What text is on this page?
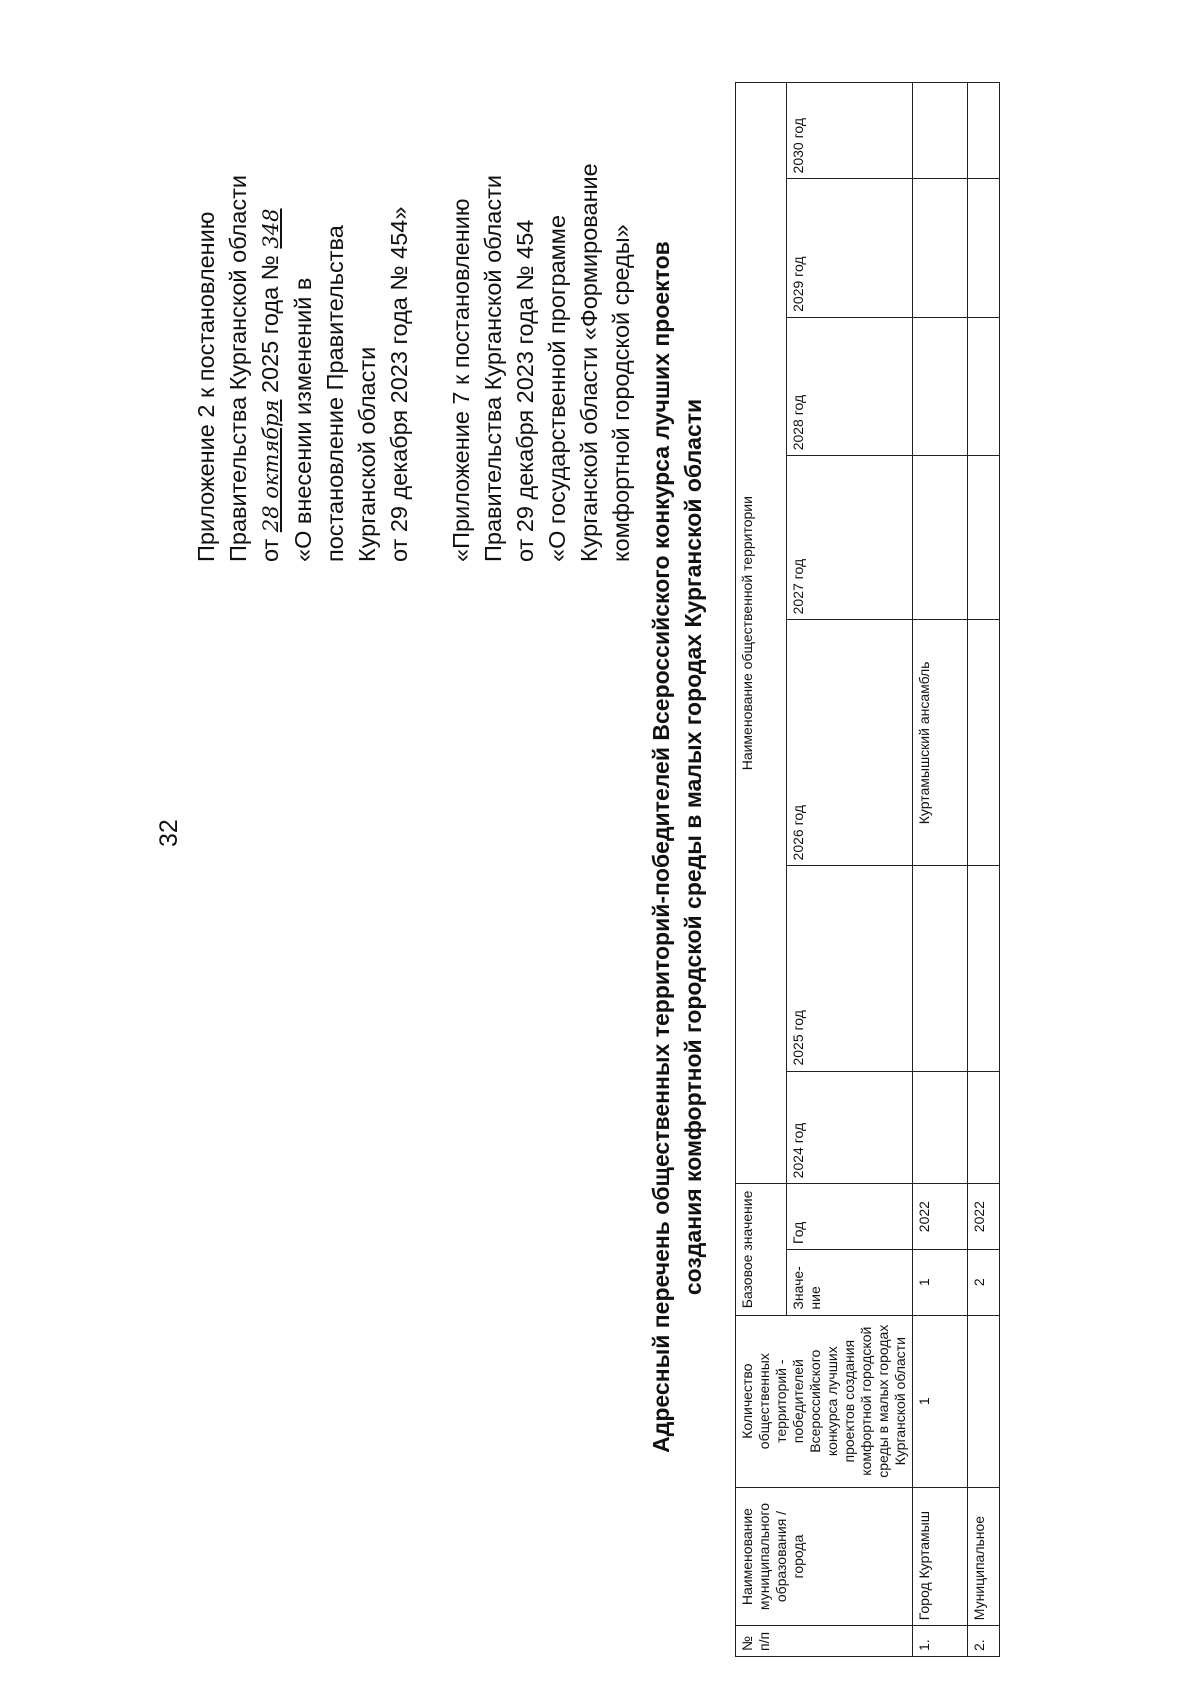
32
Приложение 2 к постановлению Правительства Курганской области от 28 октября 2025 года № 348
«О внесении изменений в постановление Правительства Курганской области от 29 декабря 2023 года № 454» «Приложение 7 к постановлению Правительства Курганской области от 29 декабря 2023 года № 454 «О государственной программе Курганской области «Формирование комфортной городской среды» Адресный перечень общественных территорий-победителей Всероссийского конкурса лучших проектов создания комфортной городской среды в малых городах Курганской области
№ п/п	Наименование муниципального образования / города	Количество общественных территорий - победителей Всероссийского конкурса лучших проектов создания комфортной городской среды в малых городах Курганской области	Базовое значение		Наименование общественной территории						
			Значе-ние	Год	2024 год	2025 год	2026 год	2027 год	2028 год	2029 год	2030 год
1.	Город Куртамыш	1	1	2022			Куртамышский ансамбль				
2.	Муниципальное		2	2022							
